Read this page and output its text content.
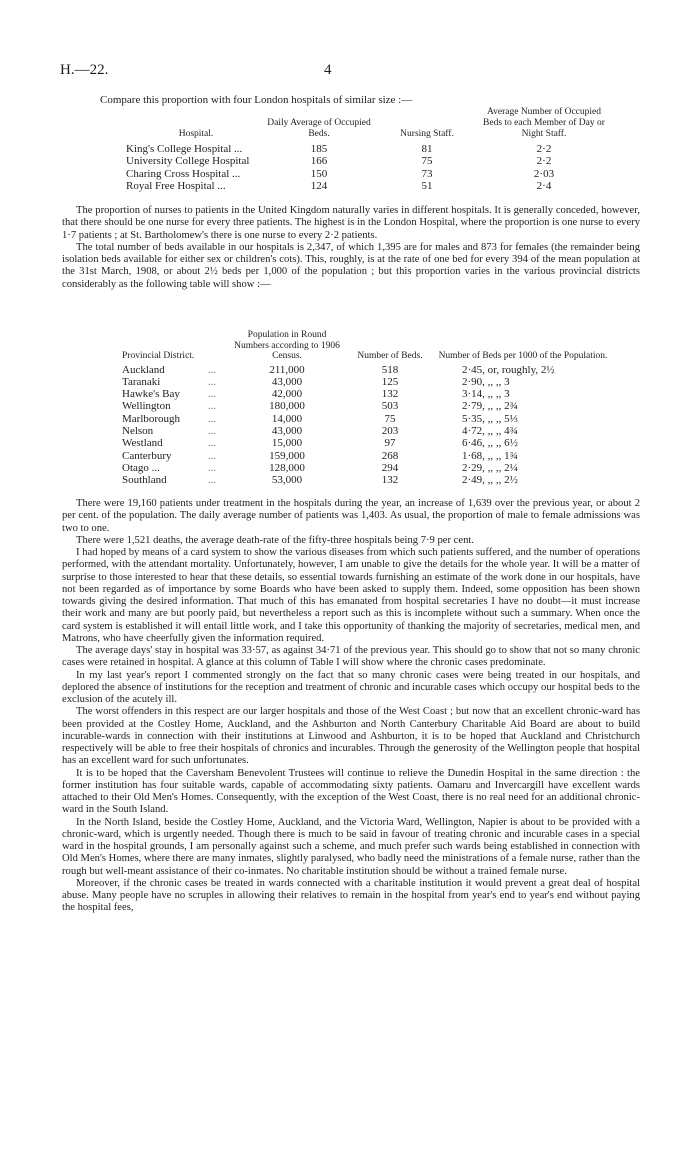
H.—22.	4
Compare this proportion with four London hospitals of similar size :—
Hospital.	Daily Average of Occupied Beds.	Nursing Staff.	Average Number of Occupied Beds to each Member of Day or Night Staff.
King's College Hospital ...	185	81	2·2
University College Hospital	166	75	2·2
Charing Cross Hospital ...	150	73	2·03
Royal Free Hospital ...	124	51	2·4

The proportion of nurses to patients in the United Kingdom naturally varies in different hospitals. It is generally conceded, however, that there should be one nurse for every three patients. The highest is in the London Hospital, where the proportion is one nurse to every 1·7 patients ; at St. Bartholomew's there is one nurse to every 2·2 patients.

The total number of beds available in our hospitals is 2,347, of which 1,395 are for males and 873 for females (the remainder being isolation beds available for either sex or children's cots). This, roughly, is at the rate of one bed for every 394 of the mean population at the 31st March, 1908, or about 2½ beds per 1,000 of the population ; but this proportion varies in the various provincial districts considerably as the following table will show :—

Provincial District.		Population in Round Numbers according to 1906 Census.	Number of Beds.	Number of Beds per 1000 of the Population.
Auckland	...	211,000	518	2·45, or, roughly, 2½
Taranaki	...	43,000	125	2·90, ,, ,, 3
Hawke's Bay	...	42,000	132	3·14, ,, ,, 3
Wellington	...	180,000	503	2·79, ,, ,, 2¾
Marlborough	...	14,000	75	5·35, ,, ,, 5⅓
Nelson	...	43,000	203	4·72, ,, ,, 4¾
Westland	...	15,000	97	6·46, ,, ,, 6½
Canterbury	...	159,000	268	1·68, ,, ,, 1¾
Otago ...	...	128,000	294	2·29, ,, ,, 2¼
Southland	...	53,000	132	2·49, ,, ,, 2½

There were 19,160 patients under treatment in the hospitals during the year, an increase of 1,639 over the previous year, or about 2 per cent. of the population. The daily average number of patients was 1,403. As usual, the proportion of male to female admissions was two to one.

There were 1,521 deaths, the average death-rate of the fifty-three hospitals being 7·9 per cent.

I had hoped by means of a card system to show the various diseases from which such patients suffered, and the number of operations performed, with the attendant mortality. Unfortunately, however, I am unable to give the details for the whole year. It will be a matter of surprise to those interested to hear that these details, so essential towards furnishing an estimate of the work done in our hospitals, have not been regarded as of importance by some Boards who have been asked to supply them. Indeed, some opposition has been shown towards giving the desired information. That much of this has emanated from hospital secretaries I have no doubt—it must increase their work and many are but poorly paid, but nevertheless a report such as this is incomplete without such a summary. When once the card system is established it will entail little work, and I take this opportunity of thanking the majority of secretaries, medical men, and Matrons, who have cheerfully given the information required.

The average days' stay in hospital was 33·57, as against 34·71 of the previous year. This should go to show that not so many chronic cases were retained in hospital. A glance at this column of Table I will show where the chronic cases predominate.

In my last year's report I commented strongly on the fact that so many chronic cases were being treated in our hospitals, and deplored the absence of institutions for the reception and treatment of chronic and incurable cases which occupy our hospital beds to the exclusion of the acutely ill.

The worst offenders in this respect are our larger hospitals and those of the West Coast ; but now that an excellent chronic-ward has been provided at the Costley Home, Auckland, and the Ashburton and North Canterbury Charitable Aid Board are about to build incurable-wards in connection with their institutions at Linwood and Ashburton, it is to be hoped that Auckland and Christchurch respectively will be able to free their hospitals of chronics and incurables. Through the generosity of the Wellington people that hospital has an excellent ward for such unfortunates.

It is to be hoped that the Caversham Benevolent Trustees will continue to relieve the Dunedin Hospital in the same direction : the former institution has four suitable wards, capable of accommodating sixty patients. Oamaru and Invercargill have excellent wards attached to their Old Men's Homes. Consequently, with the exception of the West Coast, there is no real need for an additional chronic-ward in the South Island.

In the North Island, beside the Costley Home, Auckland, and the Victoria Ward, Wellington, Napier is about to be provided with a chronic-ward, which is urgently needed. Though there is much to be said in favour of treating chronic and incurable cases in a special ward in the hospital grounds, I am personally against such a scheme, and much prefer such wards being established in connection with Old Men's Homes, where there are many inmates, slightly paralysed, who badly need the ministrations of a female nurse, rather than the rough but well-meant assistance of their co-inmates. No charitable institution should be without a trained female nurse.

Moreover, if the chronic cases be treated in wards connected with a charitable institution it would prevent a great deal of hospital abuse. Many people have no scruples in allowing their relatives to remain in the hospital from year's end to year's end without paying the hospital fees,
